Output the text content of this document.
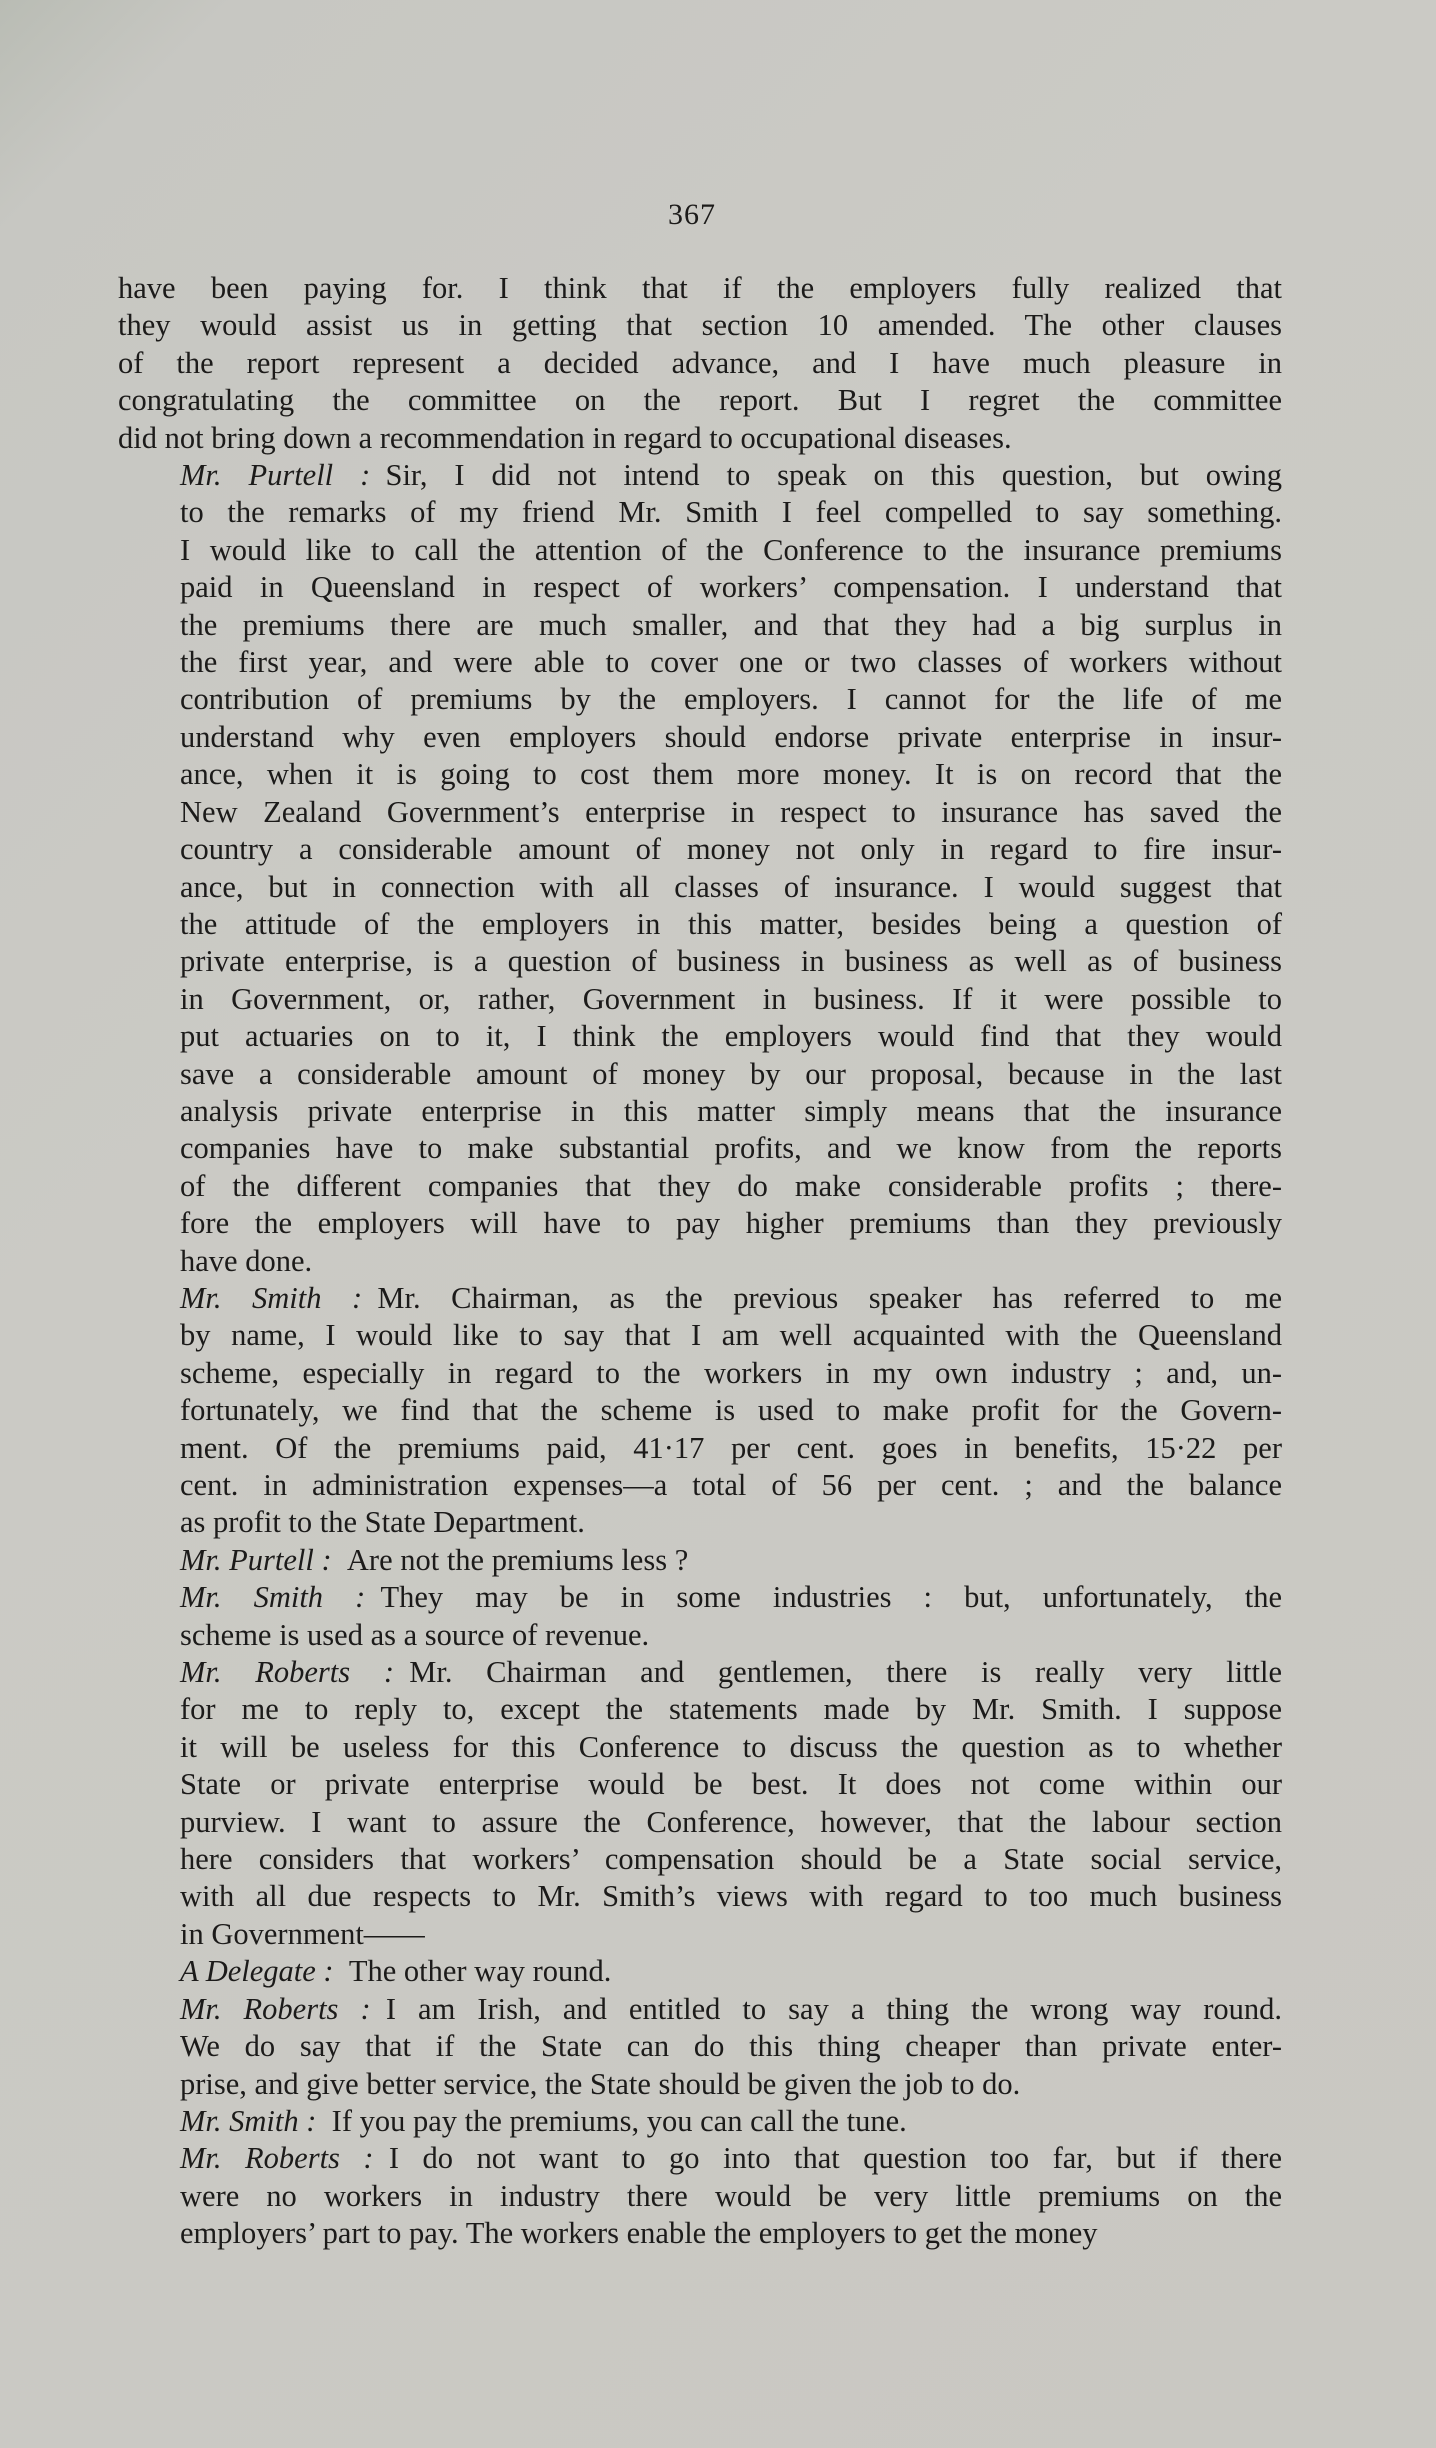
367
have been paying for. I think that if the employers fully realized that
they would assist us in getting that section 10 amended. The other clauses
of the report represent a decided advance, and I have much pleasure in
congratulating the committee on the report. But I regret the committee
did not bring down a recommendation in regard to occupational diseases.
Mr. Purtell :  Sir, I did not intend to speak on this question, but owing
to the remarks of my friend Mr. Smith I feel compelled to say something.
I would like to call the attention of the Conference to the insurance premiums
paid in Queensland in respect of workers’ compensation. I understand that
the premiums there are much smaller, and that they had a big surplus in
the first year, and were able to cover one or two classes of workers without
contribution of premiums by the employers. I cannot for the life of me
understand why even employers should endorse private enterprise in insur-
ance, when it is going to cost them more money. It is on record that the
New Zealand Government’s enterprise in respect to insurance has saved the
country a considerable amount of money not only in regard to fire insur-
ance, but in connection with all classes of insurance. I would suggest that
the attitude of the employers in this matter, besides being a question of
private enterprise, is a question of business in business as well as of business
in Government, or, rather, Government in business. If it were possible to
put actuaries on to it, I think the employers would find that they would
save a considerable amount of money by our proposal, because in the last
analysis private enterprise in this matter simply means that the insurance
companies have to make substantial profits, and we know from the reports
of the different companies that they do make considerable profits ; there-
fore the employers will have to pay higher premiums than they previously
have done.
Mr. Smith :  Mr. Chairman, as the previous speaker has referred to me
by name, I would like to say that I am well acquainted with the Queensland
scheme, especially in regard to the workers in my own industry ; and, un-
fortunately, we find that the scheme is used to make profit for the Govern-
ment. Of the premiums paid, 41·17 per cent. goes in benefits, 15·22 per
cent. in administration expenses—a total of 56 per cent. ; and the balance
as profit to the State Department.
Mr. Purtell :  Are not the premiums less ?
Mr. Smith :  They may be in some industries : but, unfortunately, the
scheme is used as a source of revenue.
Mr. Roberts :  Mr. Chairman and gentlemen, there is really very little
for me to reply to, except the statements made by Mr. Smith. I suppose
it will be useless for this Conference to discuss the question as to whether
State or private enterprise would be best. It does not come within our
purview. I want to assure the Conference, however, that the labour section
here considers that workers’ compensation should be a State social service,
with all due respects to Mr. Smith’s views with regard to too much business
in Government——
A Delegate :  The other way round.
Mr. Roberts :  I am Irish, and entitled to say a thing the wrong way round.
We do say that if the State can do this thing cheaper than private enter-
prise, and give better service, the State should be given the job to do.
Mr. Smith :  If you pay the premiums, you can call the tune.
Mr. Roberts :  I do not want to go into that question too far, but if there
were no workers in industry there would be very little premiums on the
employers’ part to pay. The workers enable the employers to get the money
